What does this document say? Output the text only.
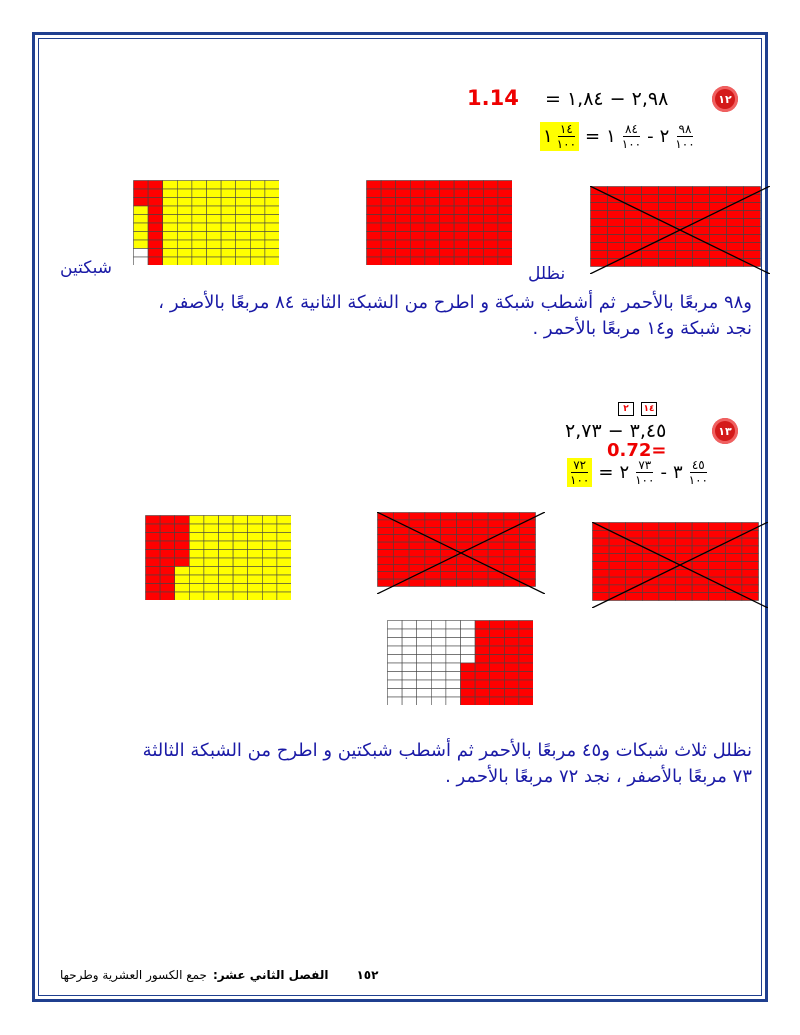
١٢
٢,٩٨ − ١,٨٤ =
1.14
١ $\frac{١٤}{١٠٠}$ = ١ $\frac{٨٤}{١٠٠}$ - ٢ $\frac{٩٨}{١٠٠}$
نظلل
شبكتين
و٩٨ مربعًا بالأحمر ثم أشطب شبكة و اطرح من الشبكة الثانية ٨٤ مربعًا بالأصفر ،
نجد شبكة و١٤ مربعًا بالأحمر .
١٣
٢	١٤
٣,٤٥ − ٢,٧٣
0.72=
$\frac{٧٢}{١٠٠}$ = ٢ $\frac{٧٣}{١٠٠}$ - ٣ $\frac{٤٥}{١٠٠}$
نظلل ثلاث شبكات و٤٥ مربعًا بالأحمر ثم أشطب شبكتين و اطرح من الشبكة الثالثة
٧٣ مربعًا بالأصفر ، نجد ٧٢ مربعًا بالأحمر .
الفصل الثاني عشر:
جمع الكسور العشرية وطرحها	١٥٢
